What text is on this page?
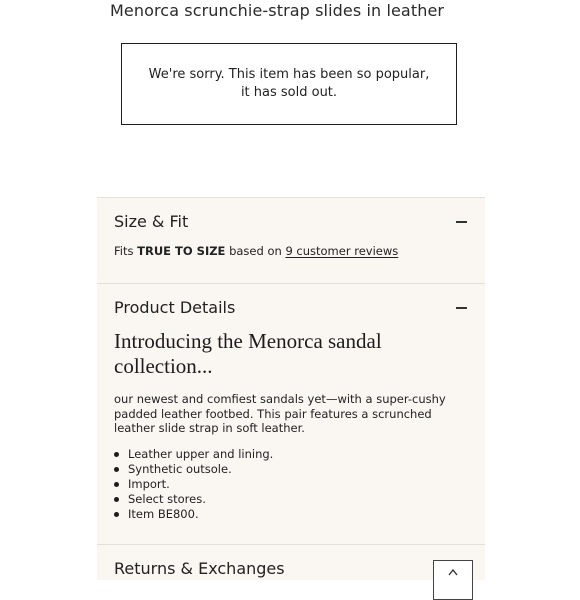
Menorca scrunchie-strap slides in leather
We're sorry. This item has been so popular, it has sold out.
Size & Fit
Fits TRUE TO SIZE based on 9 customer reviews
Product Details
Introducing the Menorca sandal collection...
our newest and comfiest sandals yet—with a super-cushy padded leather footbed. This pair features a scrunched leather slide strap in soft leather.
Leather upper and lining.
Synthetic outsole.
Import.
Select stores.
Item BE800.
Returns & Exchanges
